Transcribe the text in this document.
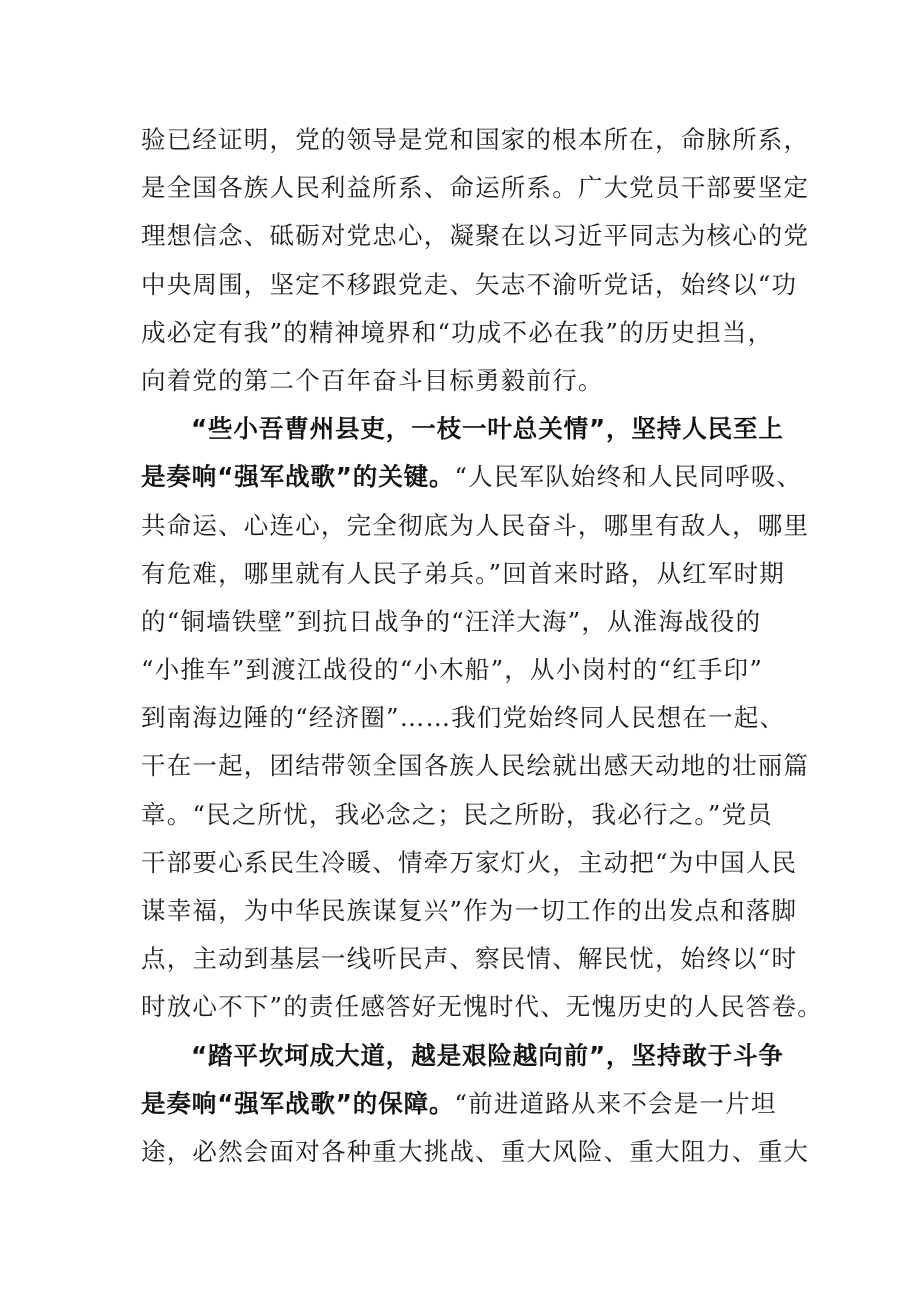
验已经证明，党的领导是党和国家的根本所在，命脉所系，
是全国各族人民利益所系、命运所系。广大党员干部要坚定
理想信念、砥砺对党忠心，凝聚在以习近平同志为核心的党
中央周围，坚定不移跟党走、矢志不渝听党话，始终以“功
成必定有我”的精神境界和“功成不必在我”的历史担当，
向着党的第二个百年奋斗目标勇毅前行。
“些小吾曹州县吏，一枝一叶总关情”，坚持人民至上
是奏响“强军战歌”的关键。“人民军队始终和人民同呼吸、
共命运、心连心，完全彻底为人民奋斗，哪里有敌人，哪里
有危难，哪里就有人民子弟兵。”回首来时路，从红军时期
的“铜墙铁壁”到抗日战争的“汪洋大海”，从淮海战役的
“小推车”到渡江战役的“小木船”，从小岗村的“红手印”
到南海边陲的“经济圈”……我们党始终同人民想在一起、
干在一起，团结带领全国各族人民绘就出感天动地的壮丽篇
章。“民之所忧，我必念之；民之所盼，我必行之。”党员
干部要心系民生冷暖、情牵万家灯火，主动把“为中国人民
谋幸福，为中华民族谋复兴”作为一切工作的出发点和落脚
点，主动到基层一线听民声、察民情、解民忧，始终以“时
时放心不下”的责任感答好无愧时代、无愧历史的人民答卷。
“踏平坎坷成大道，越是艰险越向前”，坚持敢于斗争
是奏响“强军战歌”的保障。“前进道路从来不会是一片坦
途，必然会面对各种重大挑战、重大风险、重大阻力、重大
